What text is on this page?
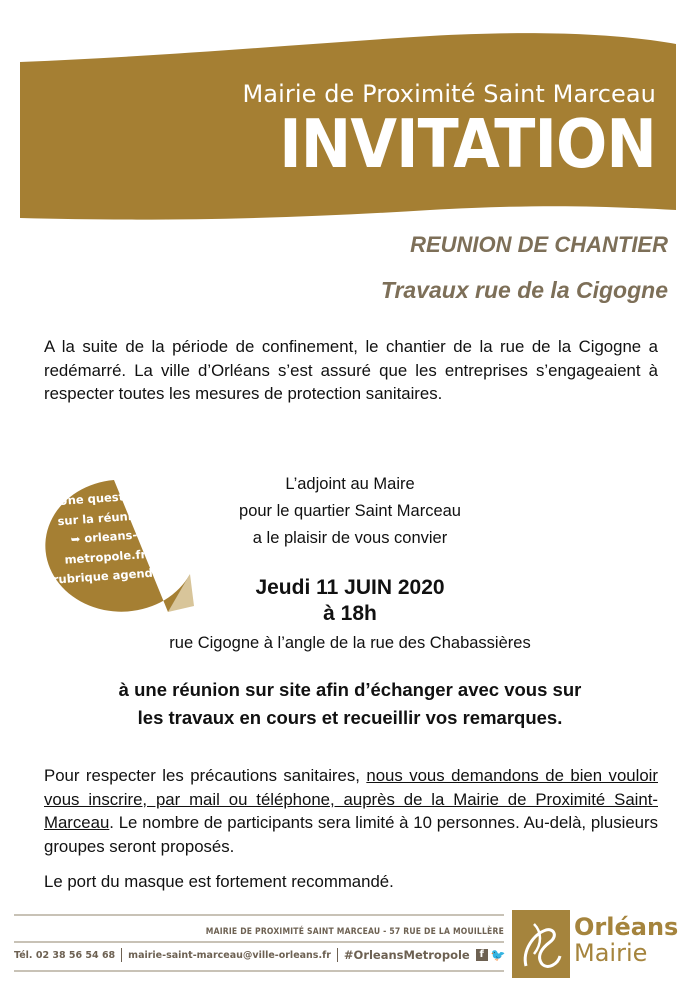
Mairie de Proximité Saint Marceau
INVITATION
REUNION DE CHANTIER
Travaux rue de la Cigogne
A la suite de la période de confinement, le chantier de la rue de la Cigogne a redémarré. La ville d’Orléans s’est assuré que les entreprises s’engageaient à respecter toutes les mesures de protection sanitaires.
Une question
sur la réunion
➥ orleans-metropole.fr
rubrique agenda
L’adjoint au Maire
pour le quartier Saint Marceau
a le plaisir de vous convier
Jeudi 11 JUIN 2020
à 18h
rue Cigogne à l’angle de la rue des Chabassières
à une réunion sur site afin d’échanger avec vous sur
les travaux en cours et recueillir vos remarques.
Pour respecter les précautions sanitaires, nous vous demandons de bien vouloir vous inscrire, par mail ou téléphone, auprès de la Mairie de Proximité Saint-Marceau. Le nombre de participants sera limité à 10 personnes. Au-delà, plusieurs groupes seront proposés.
Le port du masque est fortement recommandé.
MAIRIE DE PROXIMITÉ SAINT MARCEAU - 57 RUE DE LA MOUILLÈRE
Tél. 02 38 56 54 68 mairie-saint-marceau@ville-orleans.fr #OrleansMetropole f 🐦
Orléans
Mairie
